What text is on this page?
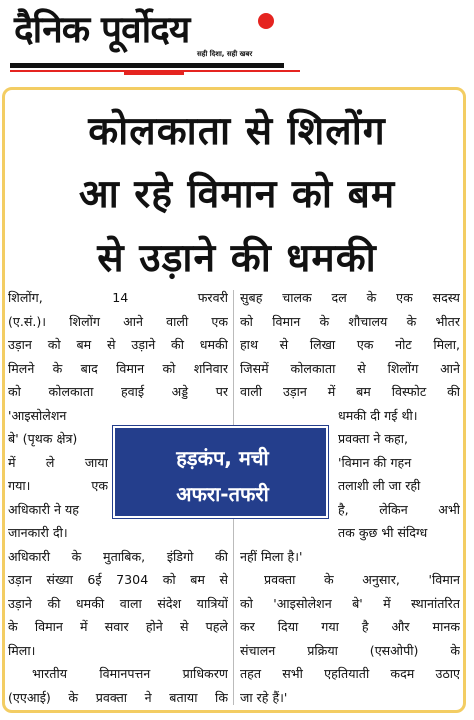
दैनिक पूर्वोदय
सही दिशा, सही खबर
कोलकाता से शिलोंग
आ रहे विमान को बम
से उड़ाने की धमकी
शिलोंग, 14 फरवरी
(ए.सं.)। शिलोंग आने वाली एक
उड़ान को बम से उड़ाने की धमकी
मिलने के बाद विमान को शनिवार
को कोलकाता हवाई अड्डे पर
'आइसोलेशन
बे' (पृथक क्षेत्र)
में ले जाया
गया। एक
अधिकारी ने यह
जानकारी दी।
अधिकारी के मुताबिक, इंडिगो की
उड़ान संख्या 6ई 7304 को बम से
उड़ाने की धमकी वाला संदेश यात्रियों
के विमान में सवार होने से पहले
मिला।
भारतीय विमानपत्तन प्राधिकरण
(एएआई) के प्रवक्ता ने बताया कि
सुबह चालक दल के एक सदस्य
को विमान के शौचालय के भीतर
हाथ से लिखा एक नोट मिला,
जिसमें कोलकाता से शिलोंग आने
वाली उड़ान में बम विस्फोट की
धमकी दी गई थी।
प्रवक्ता ने कहा,
'विमान की गहन
तलाशी ली जा रही
है, लेकिन अभी
तक कुछ भी संदिग्ध
नहीं मिला है।'
प्रवक्ता के अनुसार, 'विमान
को 'आइसोलेशन बे' में स्थानांतरित
कर दिया गया है और मानक
संचालन प्रक्रिया (एसओपी) के
तहत सभी एहतियाती कदम उठाए
जा रहे हैं।'
हड़कंप, मची
अफरा-तफरी
